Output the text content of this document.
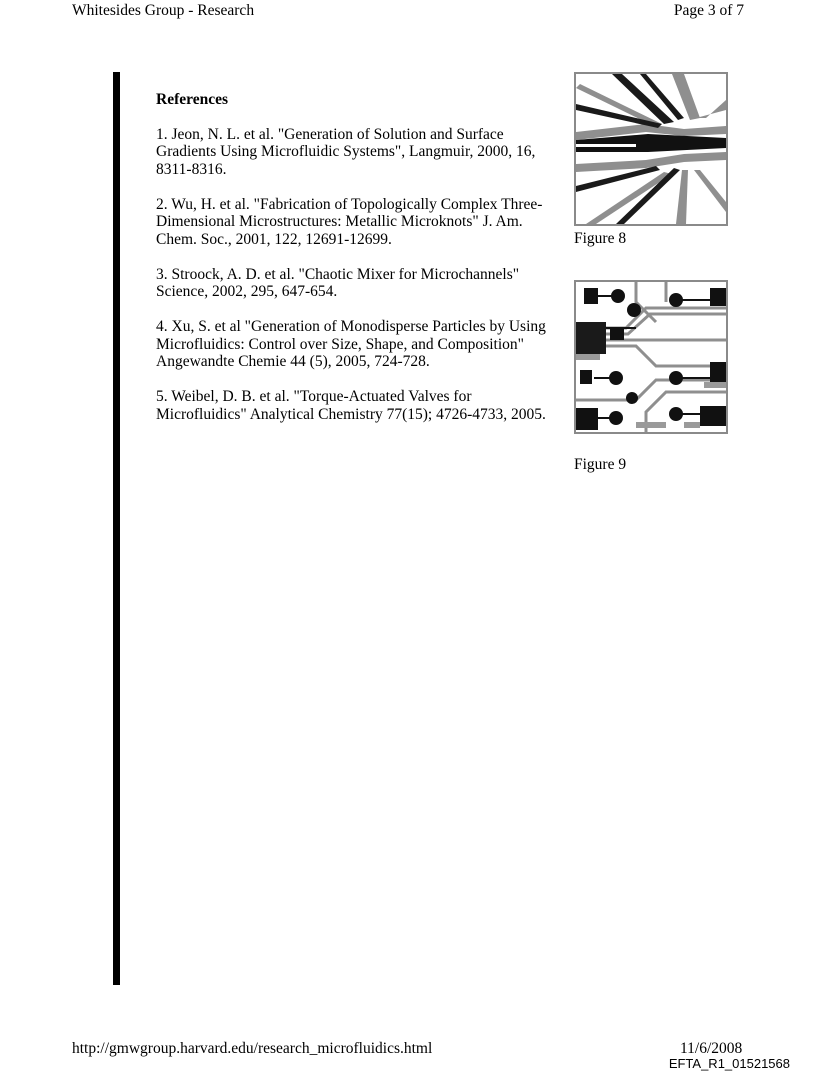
Whitesides Group - Research	Page 3 of 7
References
1. Jeon, N. L. et al. "Generation of Solution and Surface Gradients Using Microfluidic Systems", Langmuir, 2000, 16, 8311-8316.
2. Wu, H. et al. "Fabrication of Topologically Complex Three-Dimensional Microstructures: Metallic Microknots" J. Am. Chem. Soc., 2001, 122, 12691-12699.
3. Stroock, A. D. et al. "Chaotic Mixer for Microchannels" Science, 2002, 295, 647-654.
4. Xu, S. et al "Generation of Monodisperse Particles by Using Microfluidics: Control over Size, Shape, and Composition" Angewandte Chemie 44 (5), 2005, 724-728.
5. Weibel, D. B. et al. "Torque-Actuated Valves for Microfluidics" Analytical Chemistry 77(15); 4726-4733, 2005.
Figure 8
Figure 9
http://gmwgroup.harvard.edu/research_microfluidics.html	11/6/2008
EFTA_R1_01521568
